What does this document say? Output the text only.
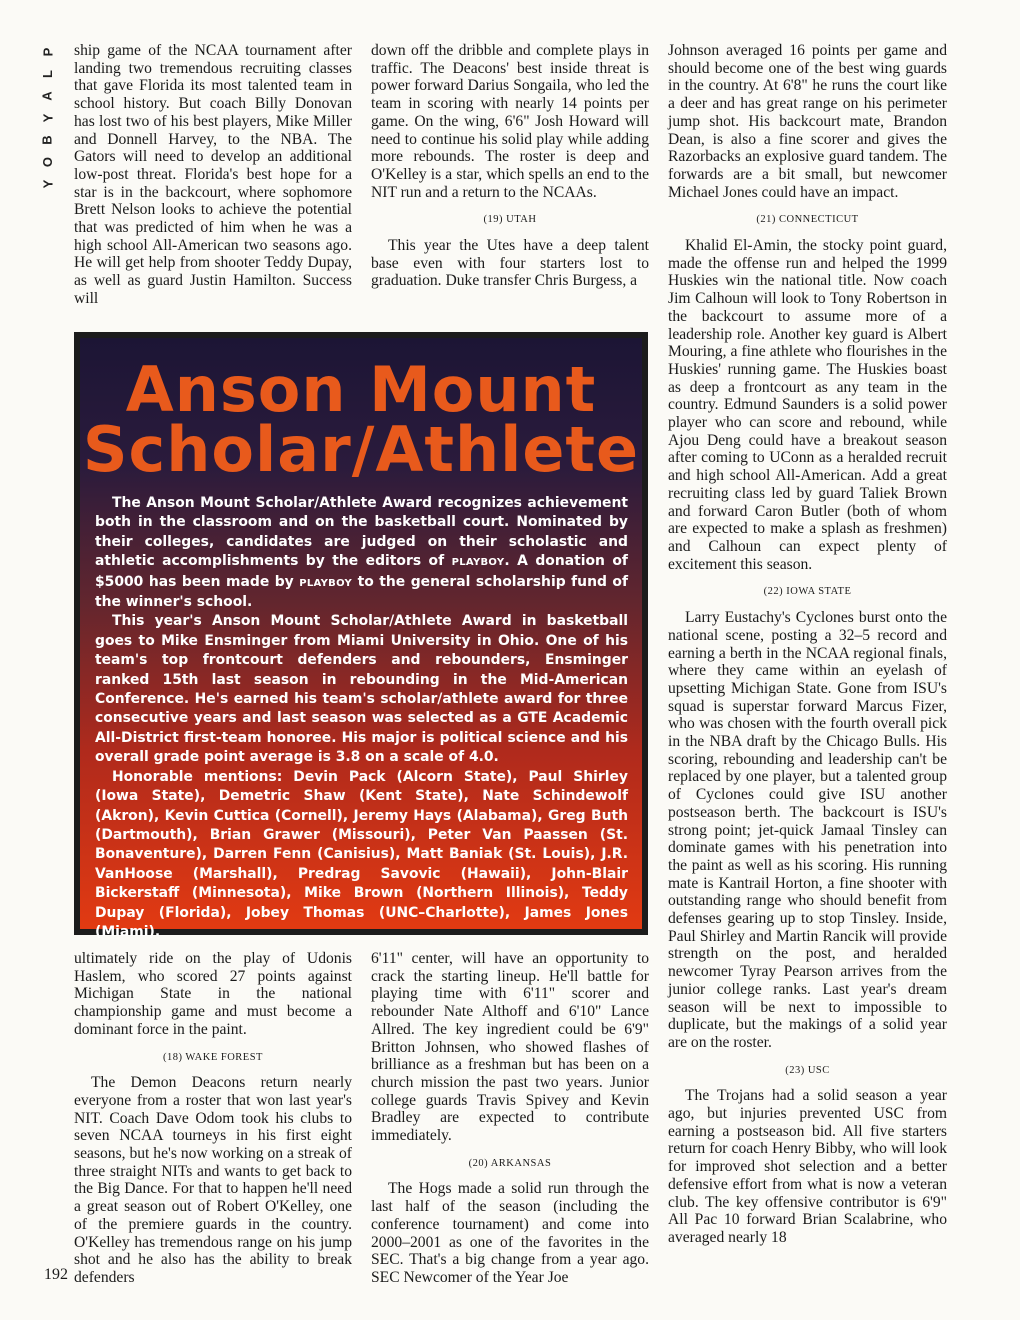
P
L
A
Y
B
O
Y

ship game of the NCAA tournament after landing two tremendous recruiting classes that gave Florida its most talented team in school history. But coach Billy Donovan has lost two of his best players, Mike Miller and Donnell Harvey, to the NBA. The Gators will need to develop an additional low-post threat. Florida's best hope for a star is in the backcourt, where sophomore Brett Nelson looks to achieve the potential that was predicted of him when he was a high school All-American two seasons ago. He will get help from shooter Teddy Dupay, as well as guard Justin Hamilton. Success will

down off the dribble and complete plays in traffic. The Deacons' best inside threat is power forward Darius Songaila, who led the team in scoring with nearly 14 points per game. On the wing, 6'6" Josh Howard will need to continue his solid play while adding more rebounds. The roster is deep and O'Kelley is a star, which spells an end to the NIT run and a return to the NCAAs.

(19) UTAH

This year the Utes have a deep talent base even with four starters lost to graduation. Duke transfer Chris Burgess, a

Johnson averaged 16 points per game and should become one of the best wing guards in the country. At 6'8" he runs the court like a deer and has great range on his perimeter jump shot. His backcourt mate, Brandon Dean, is also a fine scorer and gives the Razorbacks an explosive guard tandem. The forwards are a bit small, but newcomer Michael Jones could have an impact.

(21) CONNECTICUT

Khalid El-Amin, the stocky point guard, made the offense run and helped the 1999 Huskies win the national title. Now coach Jim Calhoun will look to Tony Robertson in the backcourt to assume more of a leadership role. Another key guard is Albert Mouring, a fine athlete who flourishes in the Huskies' running game. The Huskies boast as deep a frontcourt as any team in the country. Edmund Saunders is a solid power player who can score and rebound, while Ajou Deng could have a breakout season after coming to UConn as a heralded recruit and high school All-American. Add a great recruiting class led by guard Taliek Brown and forward Caron Butler (both of whom are expected to make a splash as freshmen) and Calhoun can expect plenty of excitement this season.

(22) IOWA STATE

Larry Eustachy's Cyclones burst onto the national scene, posting a 32–5 record and earning a berth in the NCAA regional finals, where they came within an eyelash of upsetting Michigan State. Gone from ISU's squad is superstar forward Marcus Fizer, who was chosen with the fourth overall pick in the NBA draft by the Chicago Bulls. His scoring, rebounding and leadership can't be replaced by one player, but a talented group of Cyclones could give ISU another postseason berth. The backcourt is ISU's strong point; jet-quick Jamaal Tinsley can dominate games with his penetration into the paint as well as his scoring. His running mate is Kantrail Horton, a fine shooter with outstanding range who should benefit from defenses gearing up to stop Tinsley. Inside, Paul Shirley and Martin Rancik will provide strength on the post, and heralded newcomer Tyray Pearson arrives from the junior college ranks. Last year's dream season will be next to impossible to duplicate, but the makings of a solid year are on the roster.

(23) USC

The Trojans had a solid season a year ago, but injuries prevented USC from earning a postseason bid. All five starters return for coach Henry Bibby, who will look for improved shot selection and a better defensive effort from what is now a veteran club. The key offensive contributor is 6'9" All Pac 10 forward Brian Scalabrine, who averaged nearly 18

Anson Mount
Scholar/Athlete

The Anson Mount Scholar/Athlete Award recognizes achievement both in the classroom and on the basketball court. Nominated by their colleges, candidates are judged on their scholastic and athletic accomplishments by the editors of PLAYBOY. A donation of $5000 has been made by PLAYBOY to the general scholarship fund of the winner's school.

This year's Anson Mount Scholar/Athlete Award in basketball goes to Mike Ensminger from Miami University in Ohio. One of his team's top frontcourt defenders and rebounders, Ensminger ranked 15th last season in rebounding in the Mid-American Conference. He's earned his team's scholar/athlete award for three consecutive years and last season was selected as a GTE Academic All-District first-team honoree. His major is political science and his overall grade point average is 3.8 on a scale of 4.0.

Honorable mentions: Devin Pack (Alcorn State), Paul Shirley (Iowa State), Demetric Shaw (Kent State), Nate Schindewolf (Akron), Kevin Cuttica (Cornell), Jeremy Hays (Alabama), Greg Buth (Dartmouth), Brian Grawer (Missouri), Peter Van Paassen (St. Bonaventure), Darren Fenn (Canisius), Matt Baniak (St. Louis), J.R. VanHoose (Marshall), Predrag Savovic (Hawaii), John-Blair Bickerstaff (Minnesota), Mike Brown (Northern Illinois), Teddy Dupay (Florida), Jobey Thomas (UNC–Charlotte), James Jones (Miami).

ultimately ride on the play of Udonis Haslem, who scored 27 points against Michigan State in the national championship game and must become a dominant force in the paint.

(18) WAKE FOREST

The Demon Deacons return nearly everyone from a roster that won last year's NIT. Coach Dave Odom took his clubs to seven NCAA tourneys in his first eight seasons, but he's now working on a streak of three straight NITs and wants to get back to the Big Dance. For that to happen he'll need a great season out of Robert O'Kelley, one of the premiere guards in the country. O'Kelley has tremendous range on his jump shot and he also has the ability to break defenders

6'11" center, will have an opportunity to crack the starting lineup. He'll battle for playing time with 6'11" scorer and rebounder Nate Althoff and 6'10" Lance Allred. The key ingredient could be 6'9" Britton Johnsen, who showed flashes of brilliance as a freshman but has been on a church mission the past two years. Junior college guards Travis Spivey and Kevin Bradley are expected to contribute immediately.

(20) ARKANSAS

The Hogs made a solid run through the last half of the season (including the conference tournament) and come into 2000–2001 as one of the favorites in the SEC. That's a big change from a year ago. SEC Newcomer of the Year Joe

192
